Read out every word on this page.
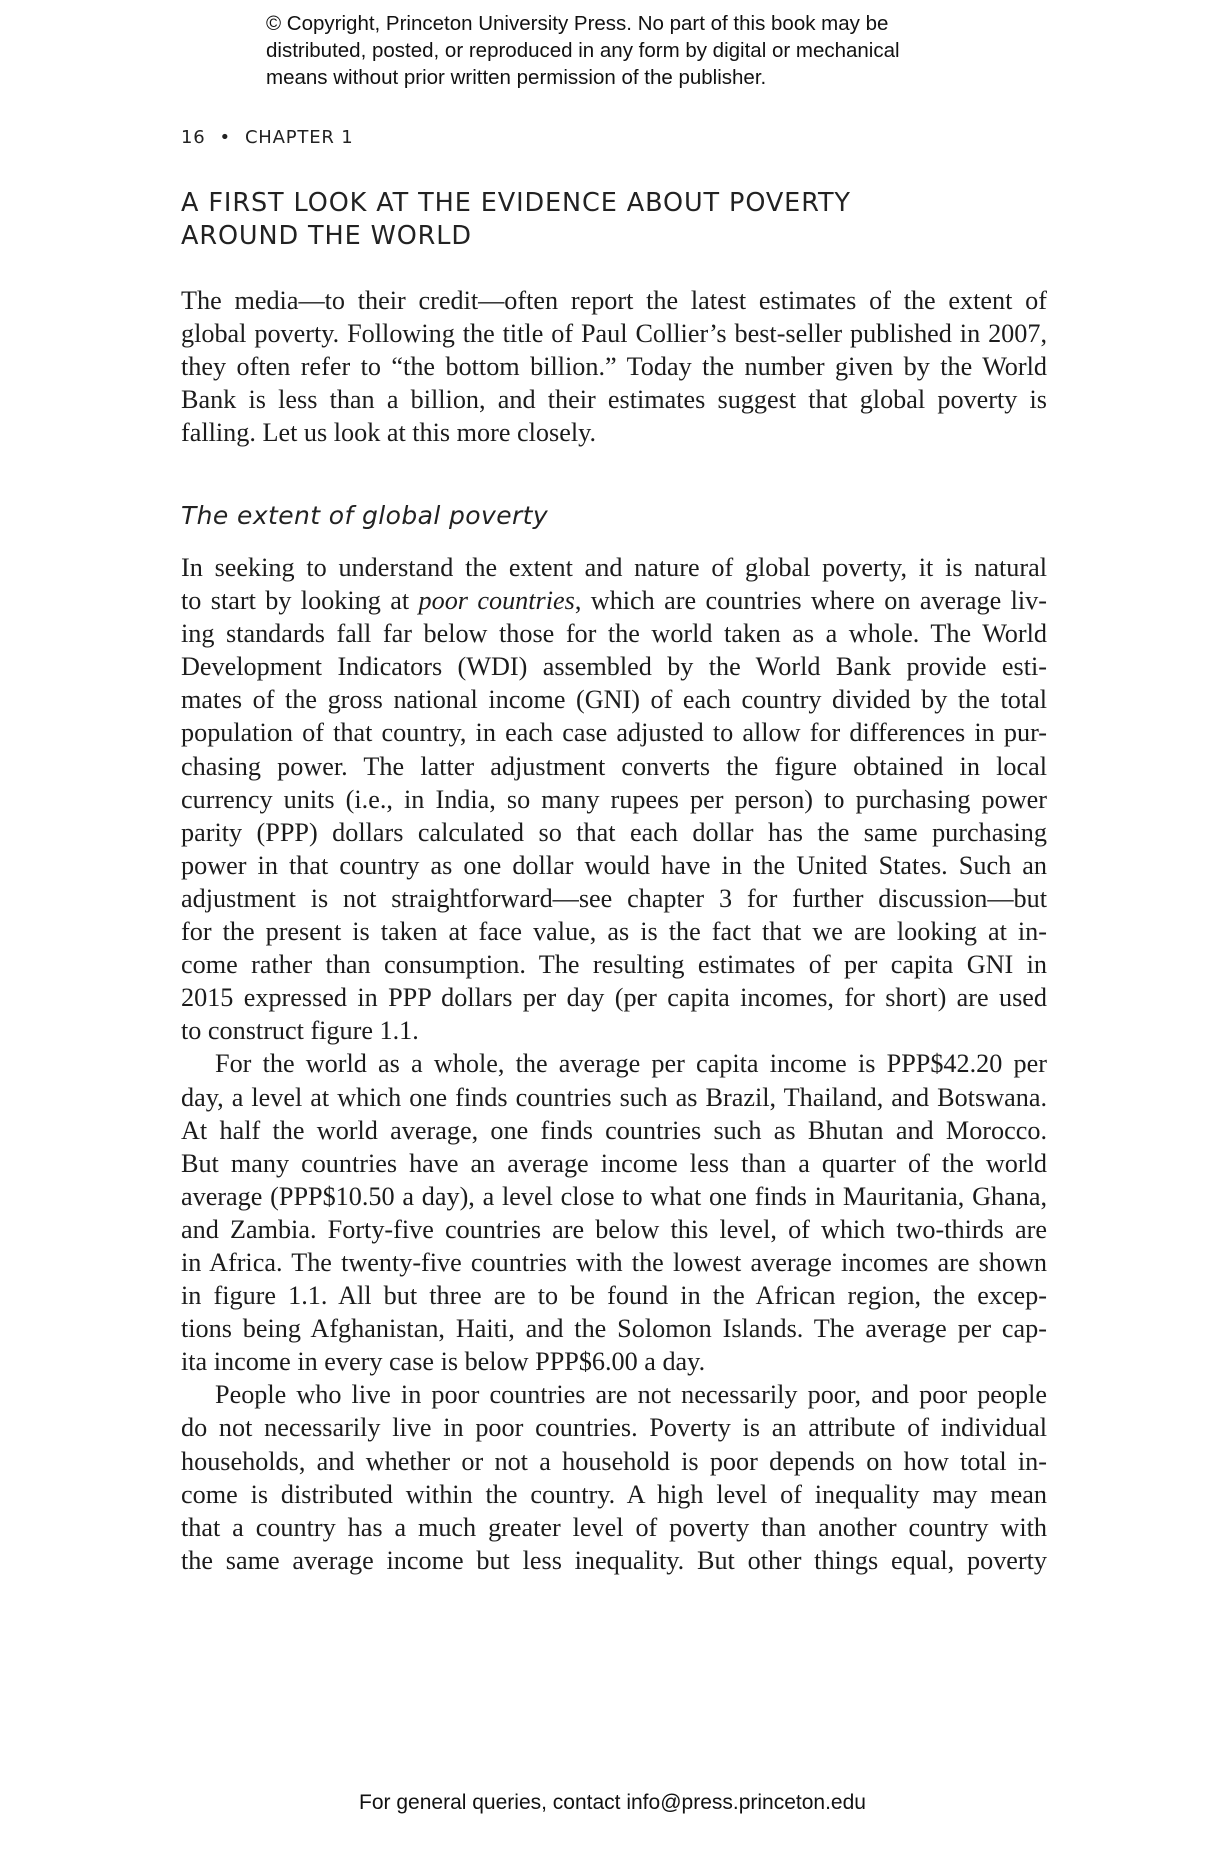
© Copyright, Princeton University Press. No part of this book may be
distributed, posted, or reproduced in any form by digital or mechanical
means without prior written permission of the publisher.
16 • CHAPTER 1
A FIRST LOOK AT THE EVIDENCE ABOUT POVERTY
AROUND THE WORLD
The media—to their credit—often report the latest estimates of the extent of
global poverty. Following the title of Paul Collier’s best-seller published in 2007,
they often refer to “the bottom billion.” Today the number given by the World
Bank is less than a billion, and their estimates suggest that global poverty is
falling. Let us look at this more closely.
The extent of global poverty
In seeking to understand the extent and nature of global poverty, it is natural
to start by looking at poor countries, which are countries where on average liv-
ing standards fall far below those for the world taken as a whole. The World
Development Indicators (WDI) assembled by the World Bank provide esti-
mates of the gross national income (GNI) of each country divided by the total
population of that country, in each case adjusted to allow for differences in pur-
chasing power. The latter adjustment converts the figure obtained in local
currency units (i.e., in India, so many rupees per person) to purchasing power
parity (PPP) dollars calculated so that each dollar has the same purchasing
power in that country as one dollar would have in the United States. Such an
adjustment is not straightforward—see chapter 3 for further discussion—but
for the present is taken at face value, as is the fact that we are looking at in-
come rather than consumption. The resulting estimates of per capita GNI in
2015 expressed in PPP dollars per day (per capita incomes, for short) are used
to construct figure 1.1.
For the world as a whole, the average per capita income is PPP$42.20 per
day, a level at which one finds countries such as Brazil, Thailand, and Botswana.
At half the world average, one finds countries such as Bhutan and Morocco.
But many countries have an average income less than a quarter of the world
average (PPP$10.50 a day), a level close to what one finds in Mauritania, Ghana,
and Zambia. Forty-five countries are below this level, of which two-thirds are
in Africa. The twenty-five countries with the lowest average incomes are shown
in figure 1.1. All but three are to be found in the African region, the excep-
tions being Afghanistan, Haiti, and the Solomon Islands. The average per cap-
ita income in every case is below PPP$6.00 a day.
People who live in poor countries are not necessarily poor, and poor people
do not necessarily live in poor countries. Poverty is an attribute of individual
households, and whether or not a household is poor depends on how total in-
come is distributed within the country. A high level of inequality may mean
that a country has a much greater level of poverty than another country with
the same average income but less inequality. But other things equal, poverty
For general queries, contact info@press.princeton.edu
